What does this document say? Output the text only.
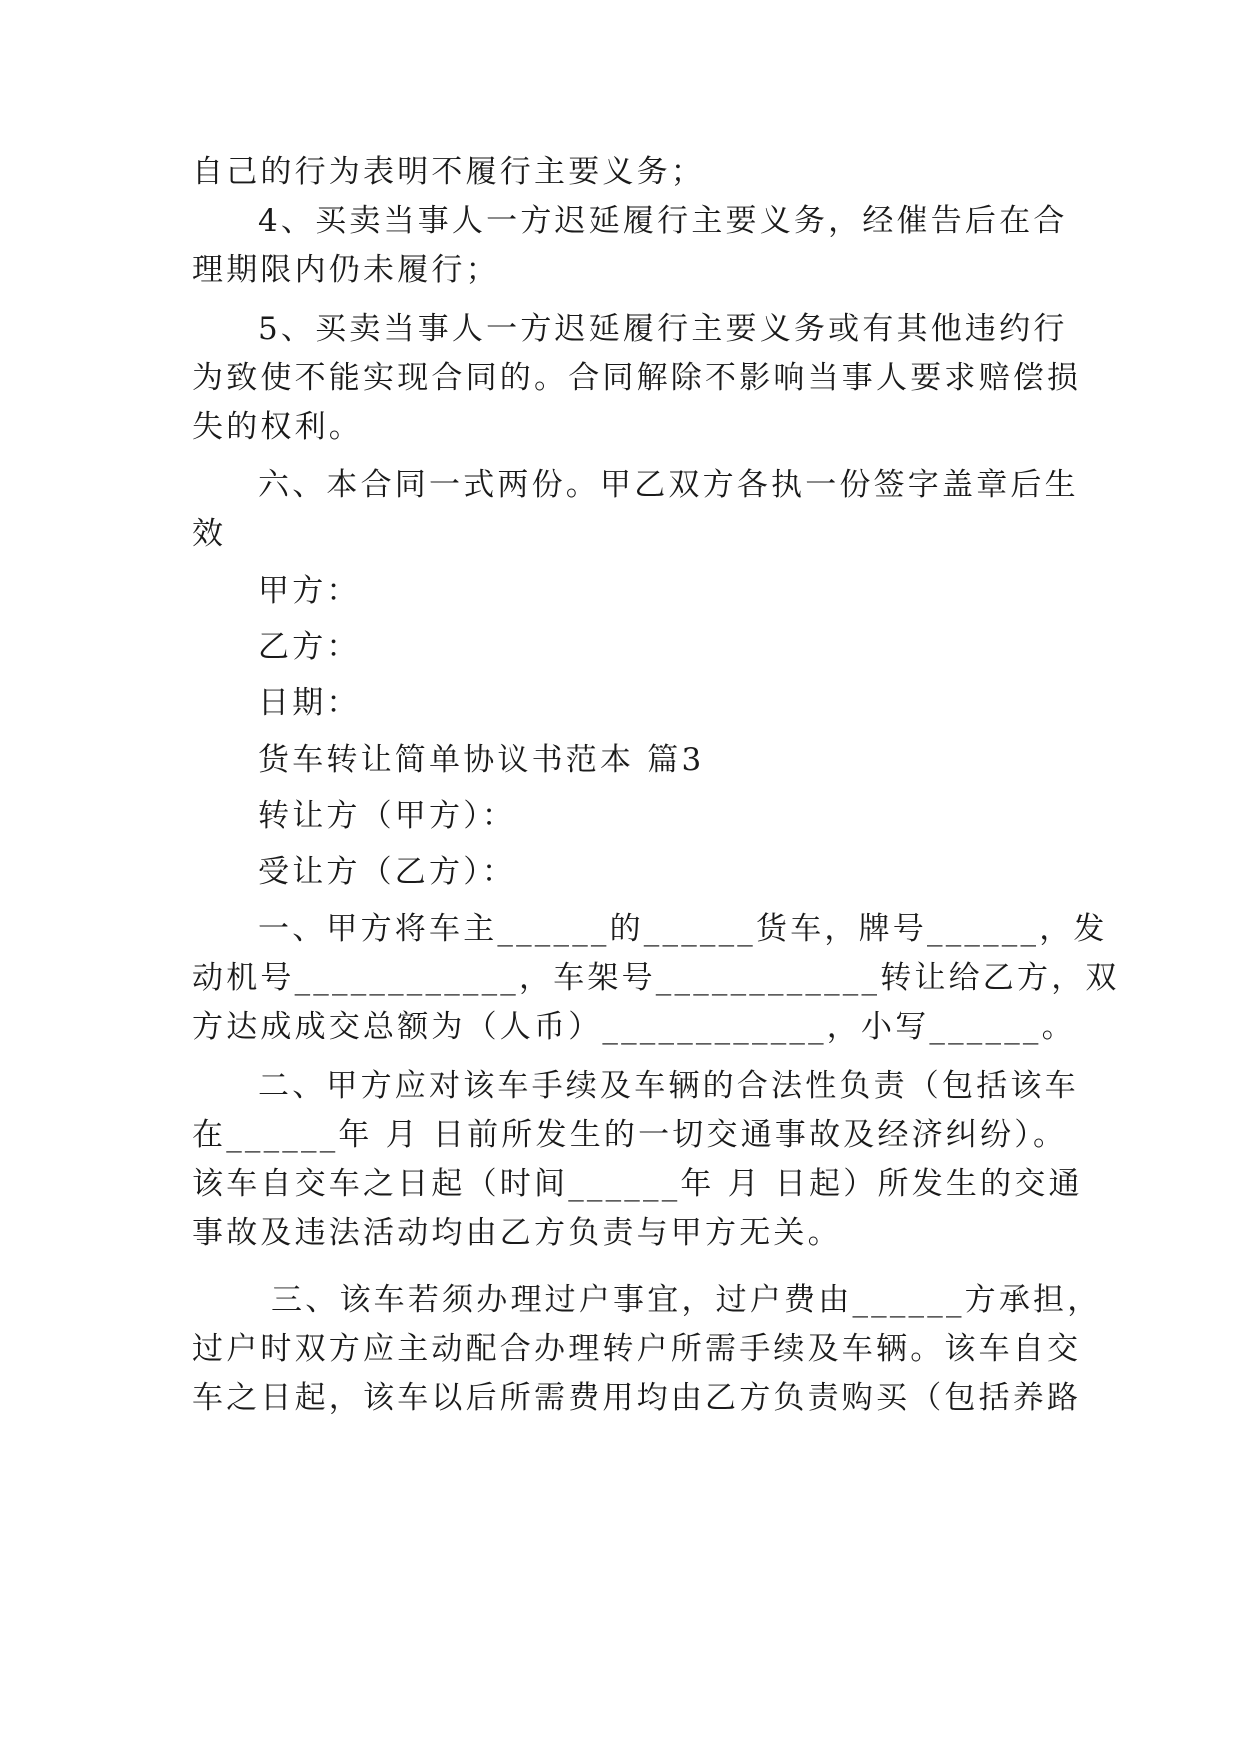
自己的行为表明不履行主要义务；
4、买卖当事人一方迟延履行主要义务，经催告后在合
理期限内仍未履行；
5、买卖当事人一方迟延履行主要义务或有其他违约行
为致使不能实现合同的。合同解除不影响当事人要求赔偿损
失的权利。
六、本合同一式两份。甲乙双方各执一份签字盖章后生
效
甲方：
乙方：
日期：
货车转让简单协议书范本 篇3
转让方（甲方）：
受让方（乙方）：
一、甲方将车主______的______货车，牌号______，发
动机号____________，车架号____________转让给乙方，双
方达成成交总额为（人币）____________，小写______。
二、甲方应对该车手续及车辆的合法性负责（包括该车
在______年 月 日前所发生的一切交通事故及经济纠纷）。
该车自交车之日起（时间______年 月 日起）所发生的交通
事故及违法活动均由乙方负责与甲方无关。
三、该车若须办理过户事宜，过户费由______方承担，
过户时双方应主动配合办理转户所需手续及车辆。该车自交
车之日起，该车以后所需费用均由乙方负责购买（包括养路
